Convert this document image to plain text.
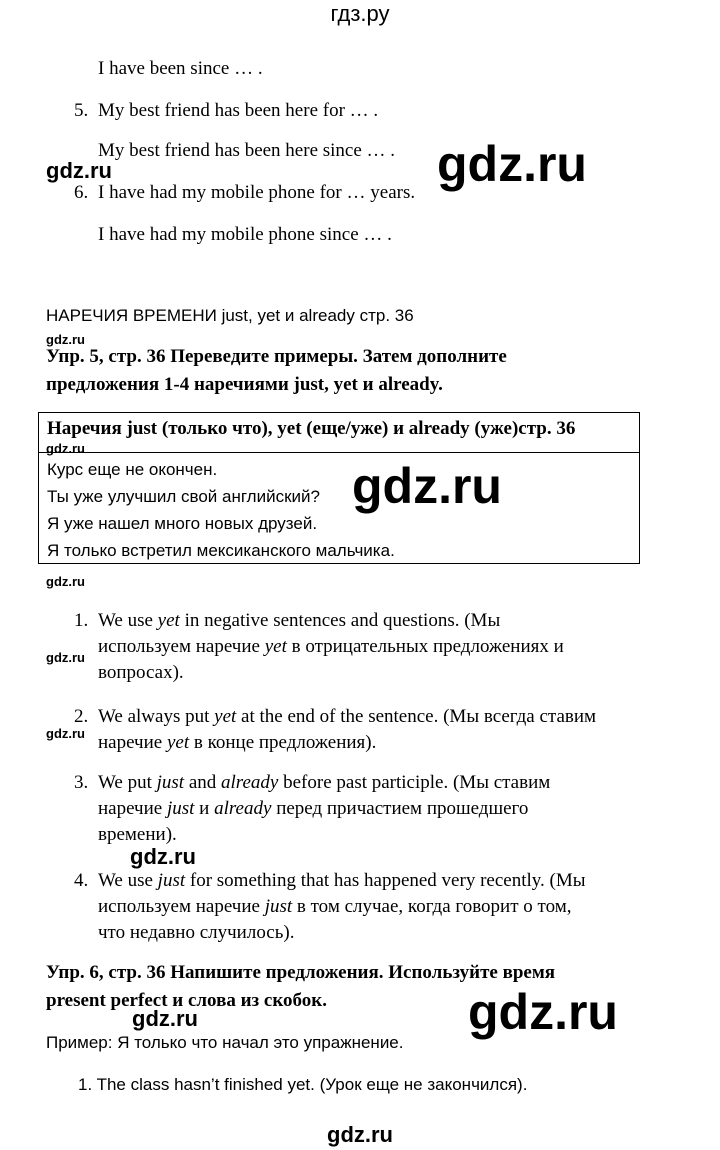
гдз.ру
I have been since … .
5. My best friend has been here for … .
My best friend has been here since … .
6. I have had my mobile phone for … years.
I have had my mobile phone since … .
НАРЕЧИЯ ВРЕМЕНИ just, yet и already стр. 36
Упр. 5, стр. 36 Переведите примеры. Затем дополните
предложения 1-4 наречиями just, yet и already.
Наречия just (только что), yet (еще/уже) и already (уже)стр. 36
Курс еще не окончен.
Ты уже улучшил свой английский?
Я уже нашел много новых друзей.
Я только встретил мексиканского мальчика.
1. We use yet in negative sentences and questions. (Мы
используем наречие yet в отрицательных предложениях и
вопросах).
2. We always put yet at the end of the sentence. (Мы всегда ставим
наречие yet в конце предложения).
3. We put just and already before past participle. (Мы ставим
наречие just и already перед причастием прошедшего
времени).
4. We use just for something that has happened very recently. (Мы
используем наречие just в том случае, когда говорит о том,
что недавно случилось).
Упр. 6, стр. 36 Напишите предложения. Используйте время
present perfect и слова из скобок.
Пример: Я только что начал это упражнение.
1. The class hasn’t finished yet. (Урок еще не закончился).
gdz.ru
gdz.ru
gdz.ru
gdz.ru
gdz.ru
gdz.ru
gdz.ru
gdz.ru
gdz.ru
gdz.ru
gdz.ru
gdz.ru
